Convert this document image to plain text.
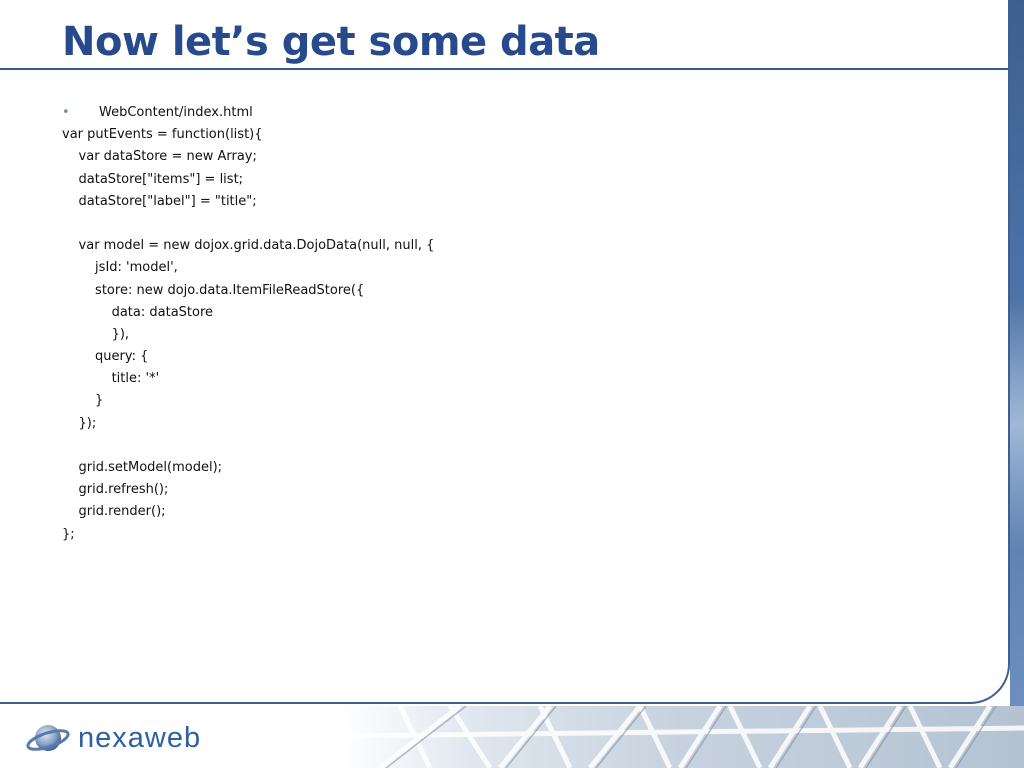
Now let’s get some data
• WebContent/index.html
var putEvents = function(list){
var dataStore = new Array;
dataStore["items"] = list;
dataStore["label"] = "title";
var model = new dojox.grid.data.DojoData(null, null, {
jsId: 'model',
store: new dojo.data.ItemFileReadStore({
data: dataStore
}),
query: {
title: '*'
}
});
grid.setModel(model);
grid.refresh();
grid.render();
};
nexaweb
